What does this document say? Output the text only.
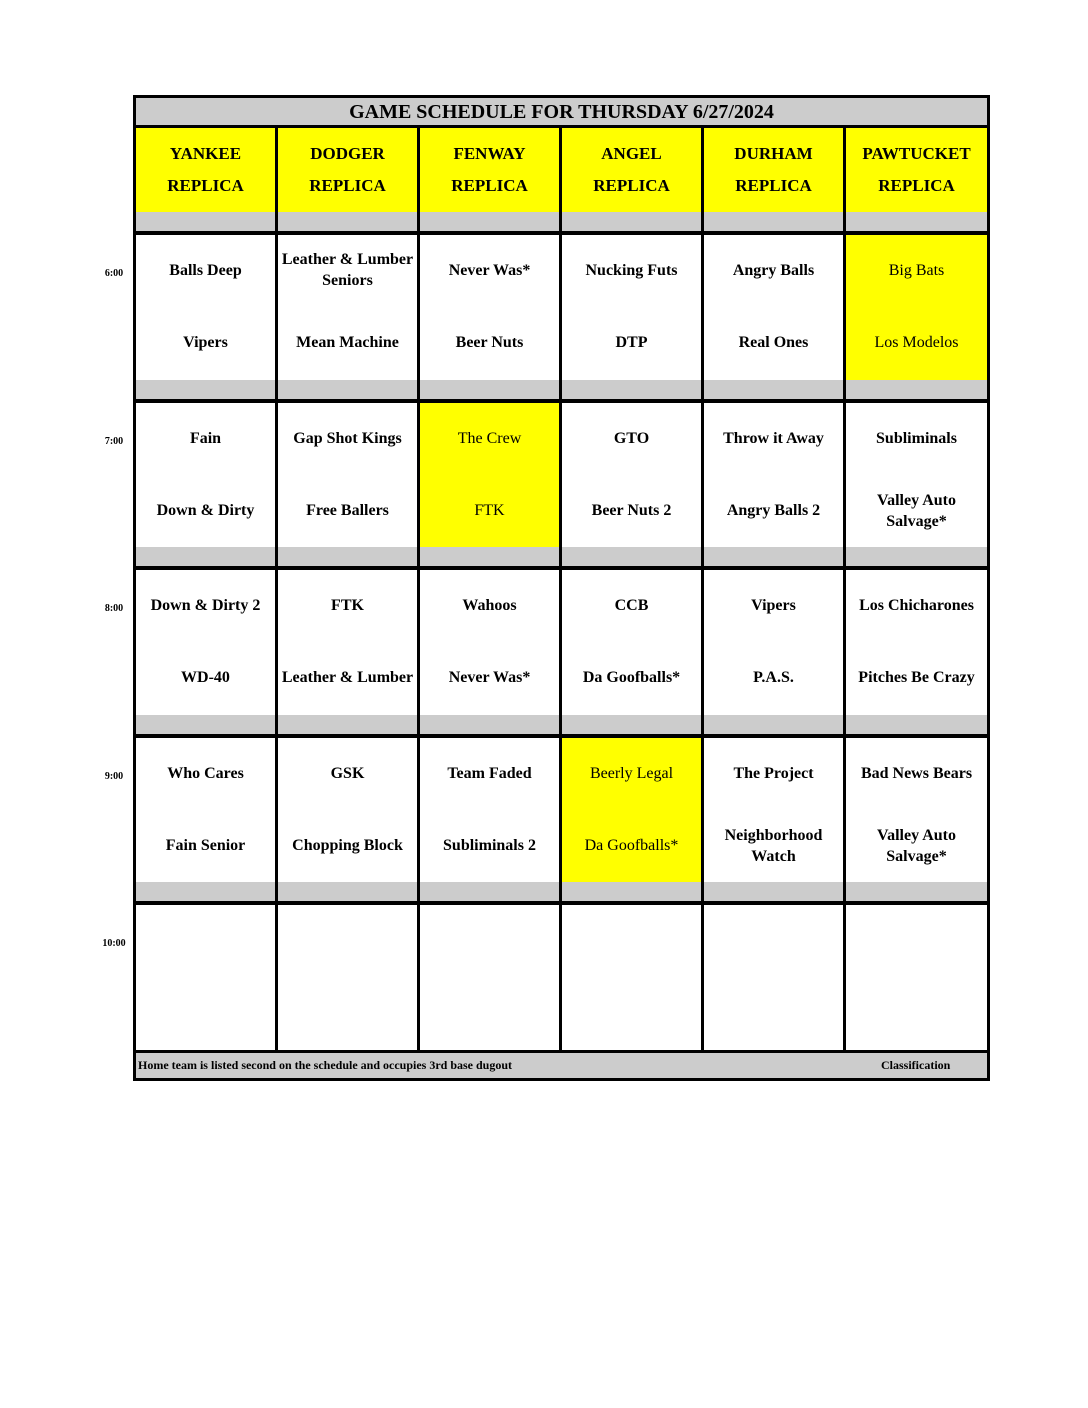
GAME SCHEDULE FOR THURSDAY 6/27/2024
YANKEE
REPLICA
DODGER
REPLICA
FENWAY
REPLICA
ANGEL
REPLICA
DURHAM
REPLICA
PAWTUCKET
REPLICA
Balls Deep
Vipers
Leather & Lumber Seniors
Mean Machine
Never Was*
Beer Nuts
Nucking Futs
DTP
Angry Balls
Real Ones
Big Bats
Los Modelos
Fain
Down & Dirty
Gap Shot Kings
Free Ballers
The Crew
FTK
GTO
Beer Nuts 2
Throw it Away
Angry Balls 2
Subliminals
Valley Auto Salvage*
Down & Dirty 2
WD-40
FTK
Leather & Lumber
Wahoos
Never Was*
CCB
Da Goofballs*
Vipers
P.A.S.
Los Chicharones
Pitches Be Crazy
Who Cares
Fain Senior
GSK
Chopping Block
Team Faded
Subliminals 2
Beerly Legal
Da Goofballs*
The Project
Neighborhood Watch
Bad News Bears
Valley Auto Salvage*
Home team is listed second on the schedule and occupies 3rd base dugout	Classification
6:00
7:00
8:00
9:00
10:00
